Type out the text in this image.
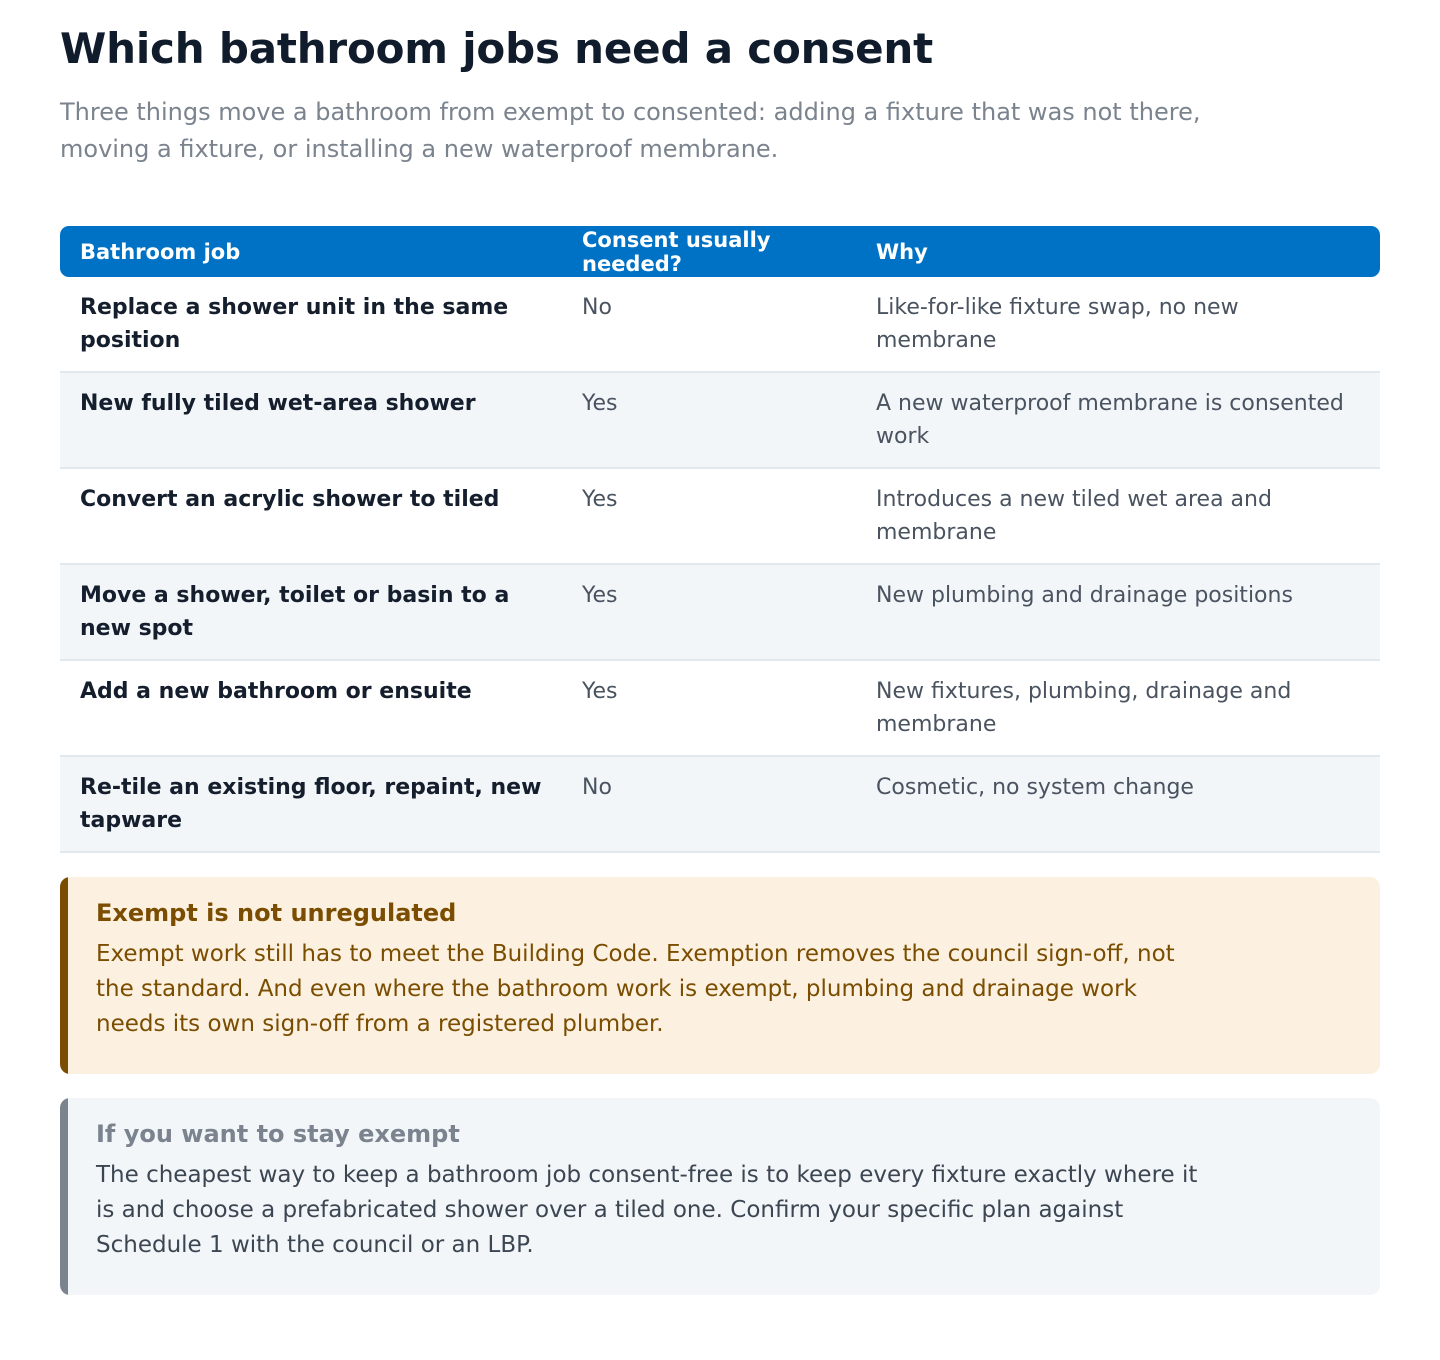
Which bathroom jobs need a consent

Three things move a bathroom from exempt to consented: adding a fixture that was not there, moving a fixture, or installing a new waterproof membrane.

Bathroom job	Consent usually needed?	Why
Replace a shower unit in the same position	No	Like-for-like fixture swap, no new membrane
New fully tiled wet-area shower	Yes	A new waterproof membrane is consented work
Convert an acrylic shower to tiled	Yes	Introduces a new tiled wet area and membrane
Move a shower, toilet or basin to a new spot	Yes	New plumbing and drainage positions
Add a new bathroom or ensuite	Yes	New fixtures, plumbing, drainage and membrane
Re-tile an existing floor, repaint, new tapware	No	Cosmetic, no system change
Exempt is not unregulated

Exempt work still has to meet the Building Code. Exemption removes the council sign-off, not the standard. And even where the bathroom work is exempt, plumbing and drainage work needs its own sign-off from a registered plumber.

If you want to stay exempt

The cheapest way to keep a bathroom job consent-free is to keep every fixture exactly where it is and choose a prefabricated shower over a tiled one. Confirm your specific plan against Schedule 1 with the council or an LBP.
